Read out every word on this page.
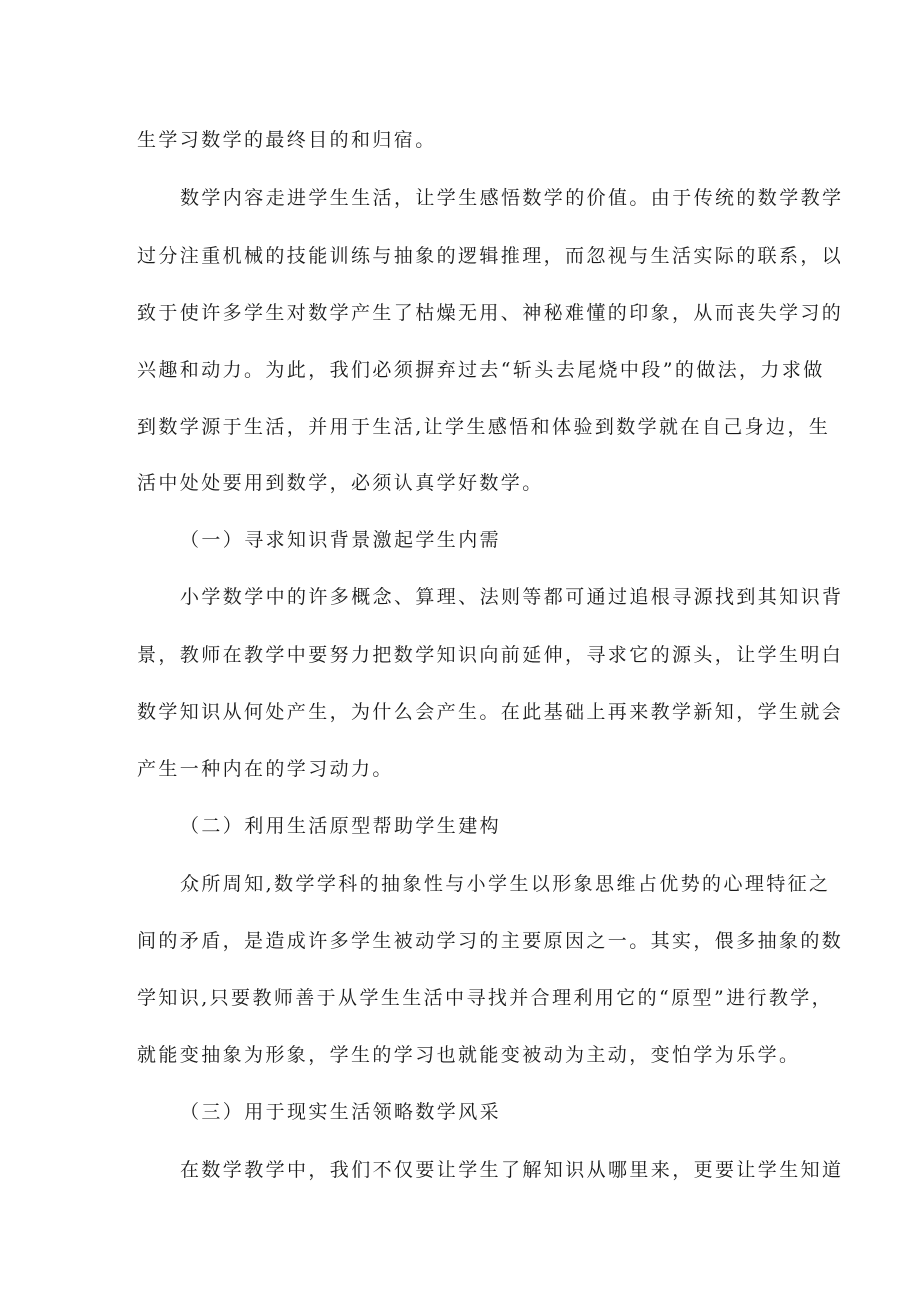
生学习数学的最终目的和归宿。
数学内容走进学生生活，让学生感悟数学的价值。由于传统的数学教学
过分注重机械的技能训练与抽象的逻辑推理，而忽视与生活实际的联系，以
致于使许多学生对数学产生了枯燥无用、神秘难懂的印象，从而丧失学习的
兴趣和动力。为此，我们必须摒弃过去“斩头去尾烧中段”的做法，力求做
到数学源于生活，并用于生活,让学生感悟和体验到数学就在自己身边，生
活中处处要用到数学，必须认真学好数学。
（一）寻求知识背景激起学生内需
小学数学中的许多概念、算理、法则等都可通过追根寻源找到其知识背
景，教师在教学中要努力把数学知识向前延伸，寻求它的源头，让学生明白
数学知识从何处产生，为什么会产生。在此基础上再来教学新知，学生就会
产生一种内在的学习动力。
（二）利用生活原型帮助学生建构
众所周知,数学学科的抽象性与小学生以形象思维占优势的心理特征之
间的矛盾，是造成许多学生被动学习的主要原因之一。其实，偎多抽象的数
学知识,只要教师善于从学生生活中寻找并合理利用它的“原型”进行教学，
就能变抽象为形象，学生的学习也就能变被动为主动，变怕学为乐学。
（三）用于现实生活领略数学风采
在数学教学中，我们不仅要让学生了解知识从哪里来，更要让学生知道
